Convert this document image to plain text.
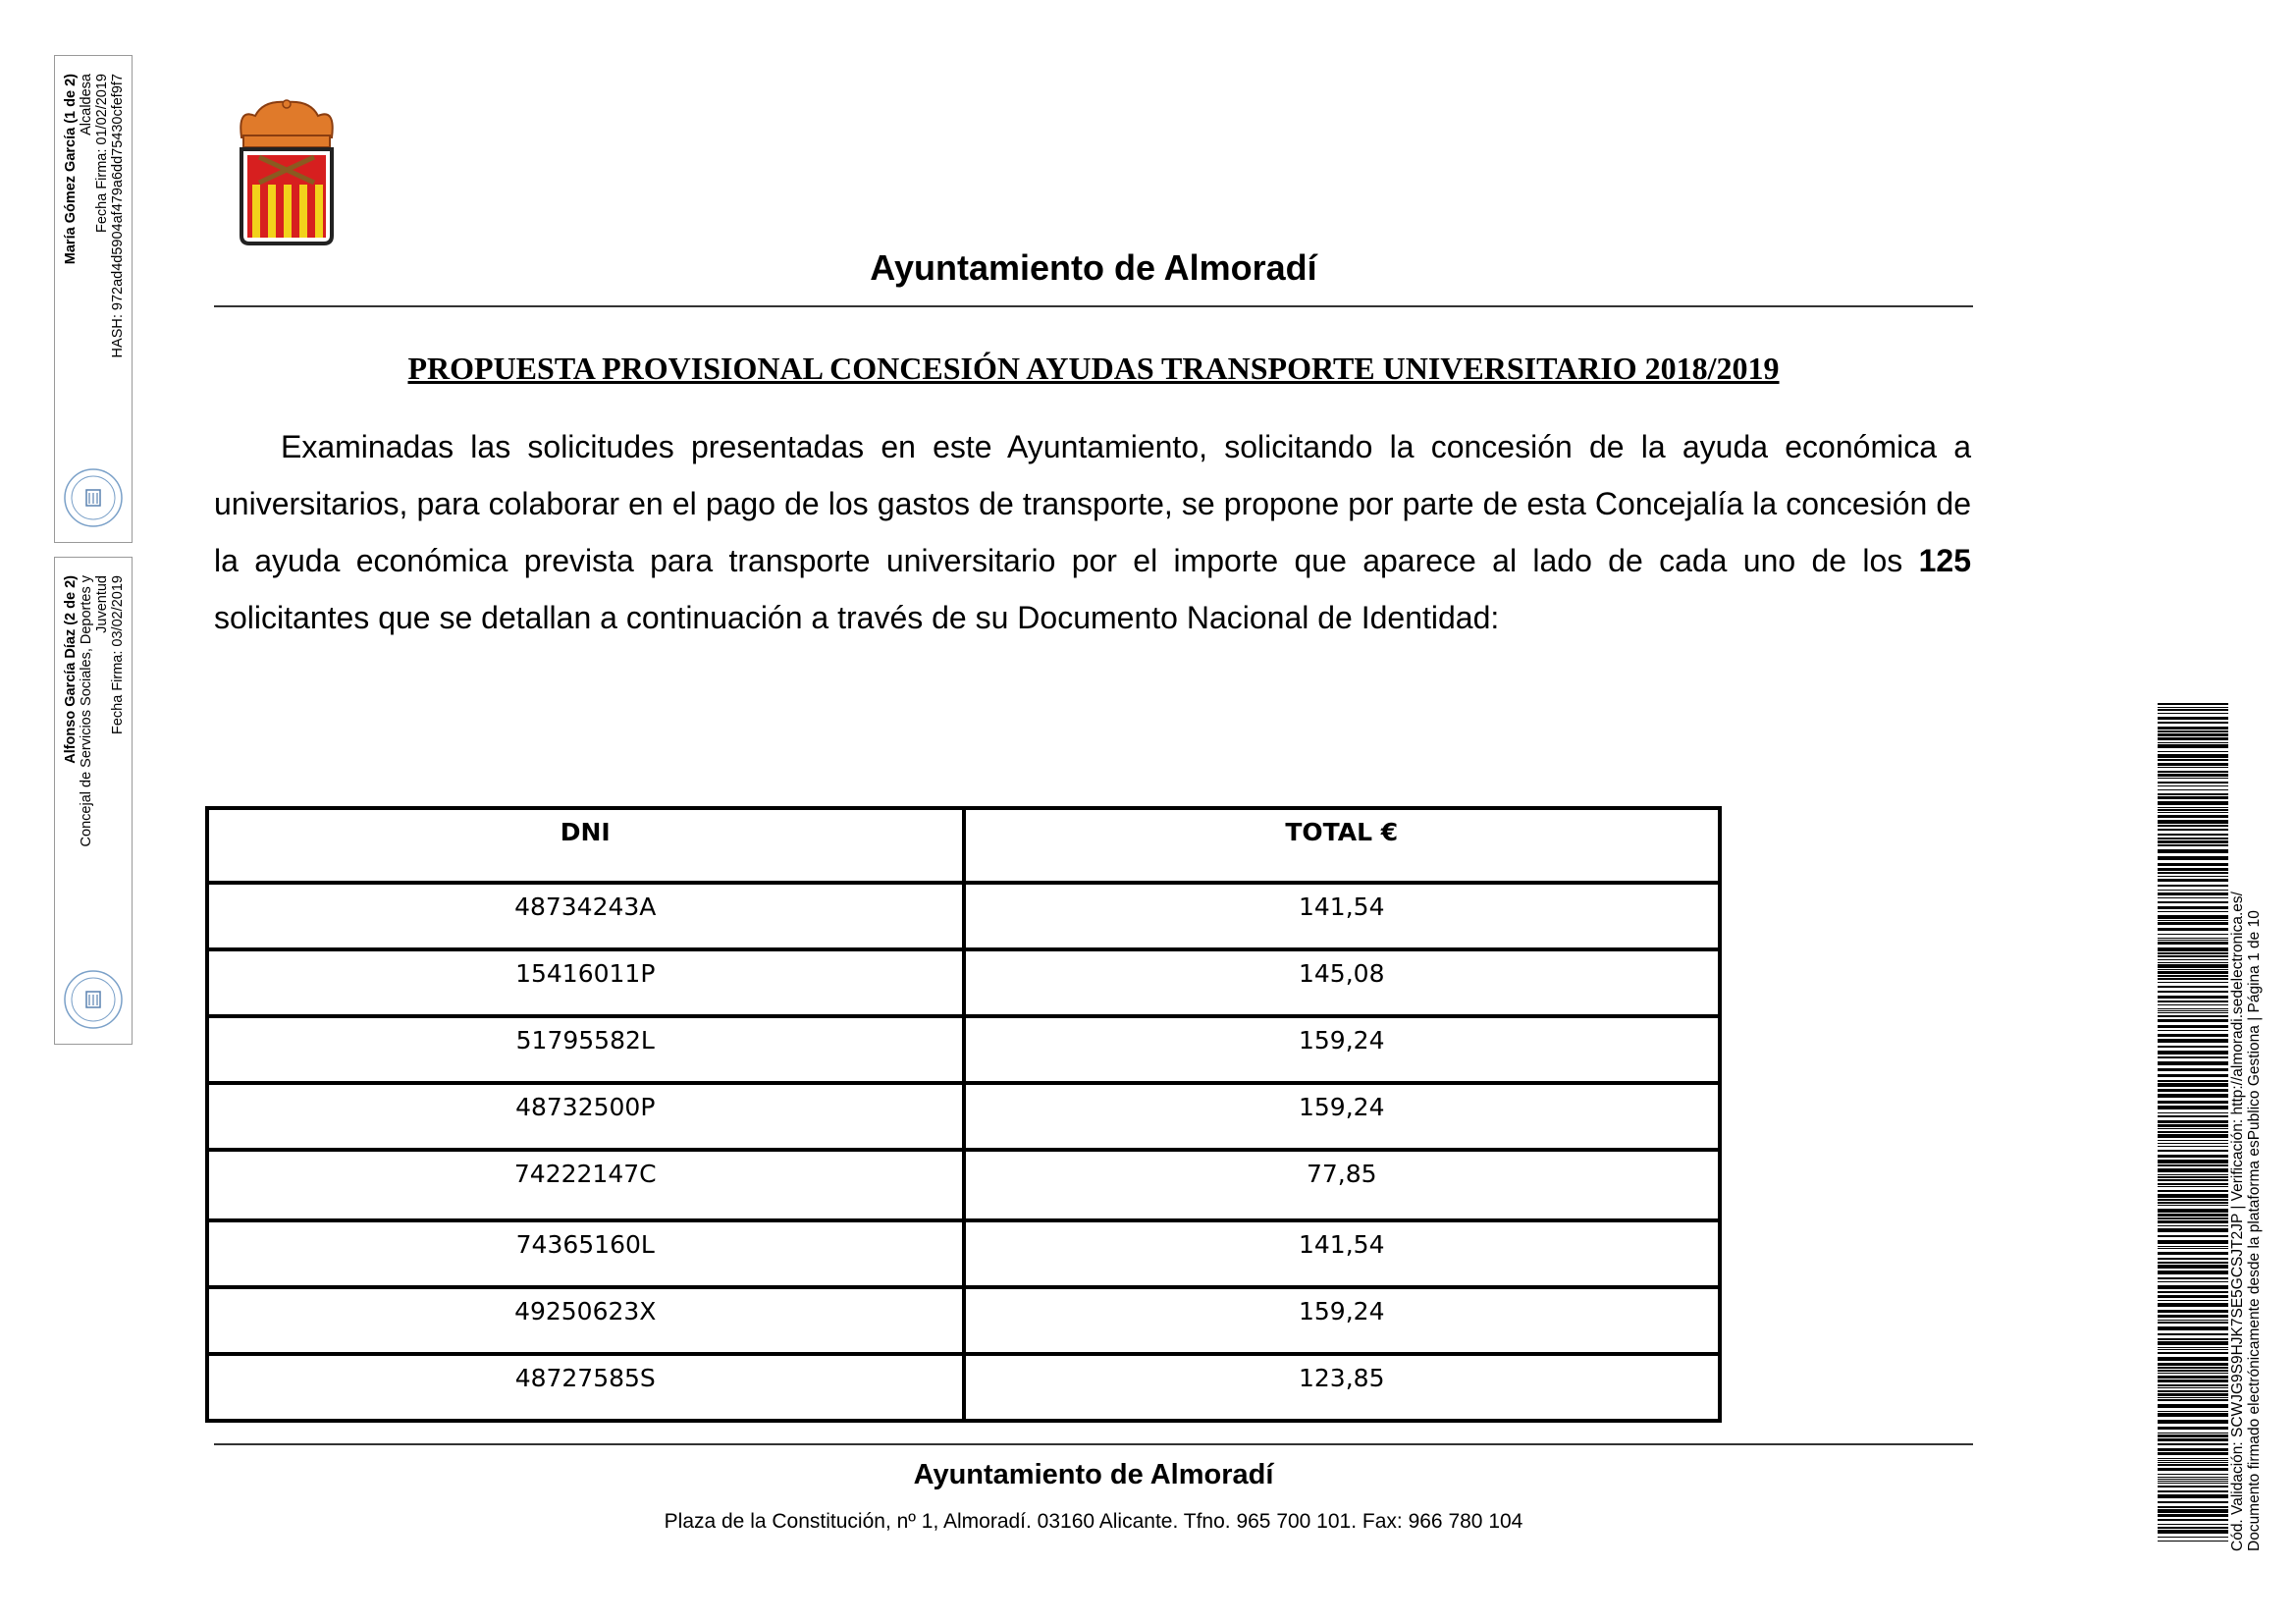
María Gómez García (1 de 2) Alcaldesa Fecha Firma: 01/02/2019 HASH: 972ad4d5904af479a6dd75430cfef9f7
Alfonso García Díaz (2 de 2) Concejal de Servicios Sociales, Deportes y Juventud Fecha Firma: 03/02/2019
Ayuntamiento de Almoradí
PROPUESTA PROVISIONAL CONCESIÓN AYUDAS TRANSPORTE UNIVERSITARIO 2018/2019

Examinadas las solicitudes presentadas en este Ayuntamiento, solicitando la concesión de la ayuda económica a universitarios, para colaborar en el pago de los gastos de transporte, se propone por parte de esta Concejalía la concesión de la ayuda económica prevista para transporte universitario por el importe que aparece al lado de cada uno de los 125 solicitantes que se detallan a continuación a través de su Documento Nacional de Identidad:

DNI	TOTAL €
48734243A	141,54
15416011P	145,08
51795582L	159,24
48732500P	159,24
74222147C	77,85
74365160L	141,54
49250623X	159,24
48727585S	123,85
Ayuntamiento de Almoradí
Plaza de la Constitución, nº 1, Almoradí. 03160 Alicante. Tfno. 965 700 101. Fax: 966 780 104	Cód. Validación: SCWJG9S9HJK7SE5GCSJT2JP | Verificación: http://almoradi.sedelectronica.es/ Documento firmado electrónicamente desde la plataforma esPublico Gestiona | Página 1 de 10
